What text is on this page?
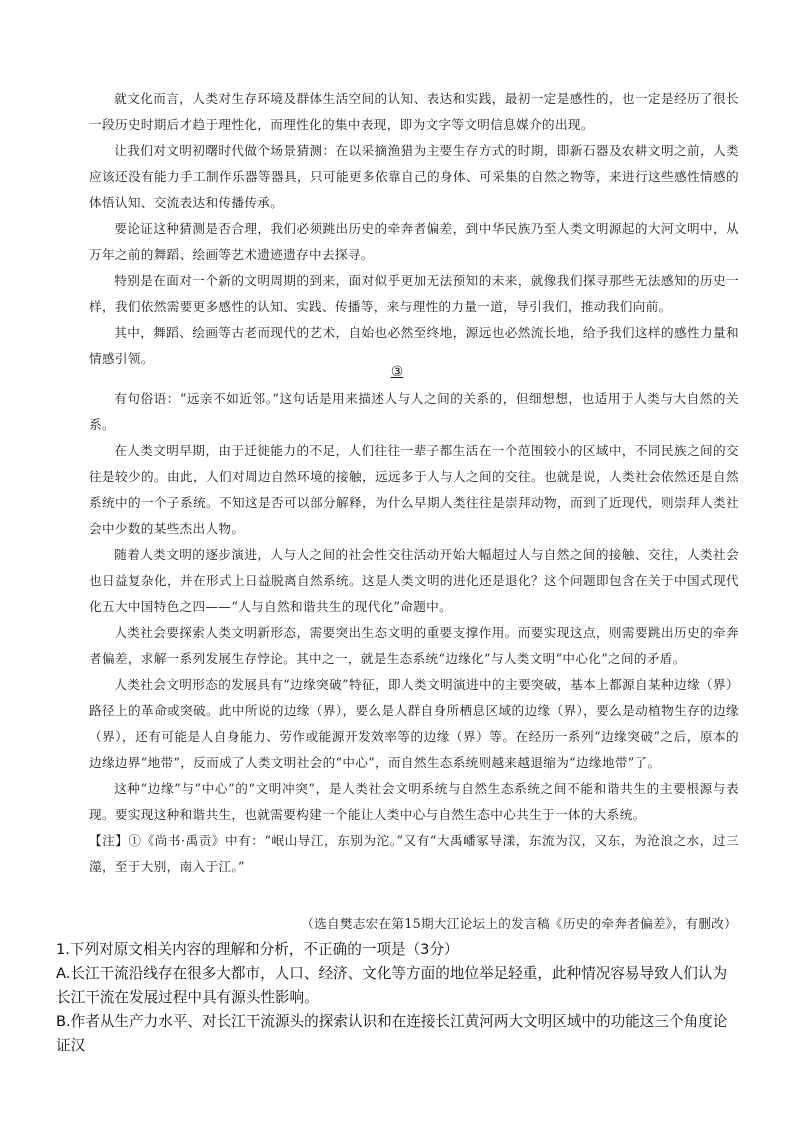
就文化而言，人类对生存环境及群体生活空间的认知、表达和实践，最初一定是感性的，也一定是经历了很长一段历史时期后才趋于理性化，而理性化的集中表现，即为文字等文明信息媒介的出现。

让我们对文明初曙时代做个场景猜测：在以采摘渔猎为主要生存方式的时期，即新石器及农耕文明之前，人类应该还没有能力手工制作乐器等器具，只可能更多依靠自己的身体、可采集的自然之物等，来进行这些感性情感的体悟认知、交流表达和传播传承。

要论证这种猜测是否合理，我们必须跳出历史的牵奔者偏差，到中华民族乃至人类文明源起的大河文明中，从万年之前的舞蹈、绘画等艺术遗迹遗存中去探寻。

特别是在面对一个新的文明周期的到来，面对似乎更加无法预知的未来，就像我们探寻那些无法感知的历史一样，我们依然需要更多感性的认知、实践、传播等，来与理性的力量一道，导引我们，推动我们向前。

其中，舞蹈、绘画等古老而现代的艺术，自始也必然至终地，源远也必然流长地，给予我们这样的感性力量和情感引领。

③

有句俗语：“远亲不如近邻。”这句话是用来描述人与人之间的关系的，但细想想，也适用于人类与大自然的关系。

在人类文明早期，由于迁徙能力的不足，人们往往一辈子都生活在一个范围较小的区域中，不同民族之间的交往是较少的。由此，人们对周边自然环境的接触，远远多于人与人之间的交往。也就是说，人类社会依然还是自然系统中的一个子系统。不知这是否可以部分解释，为什么早期人类往往是崇拜动物，而到了近现代，则崇拜人类社会中少数的某些杰出人物。

随着人类文明的逐步演进，人与人之间的社会性交往活动开始大幅超过人与自然之间的接触、交往，人类社会也日益复杂化，并在形式上日益脱离自然系统。这是人类文明的进化还是退化？这个问题即包含在关于中国式现代化五大中国特色之四——“人与自然和谐共生的现代化”命题中。

人类社会要探索人类文明新形态，需要突出生态文明的重要支撑作用。而要实现这点，则需要跳出历史的牵奔者偏差，求解一系列发展生存悖论。其中之一，就是生态系统“边缘化”与人类文明“中心化”之间的矛盾。

人类社会文明形态的发展具有“边缘突破”特征，即人类文明演进中的主要突破，基本上都源自某种边缘（界）路径上的革命或突破。此中所说的边缘（界），要么是人群自身所栖息区域的边缘（界），要么是动植物生存的边缘（界），还有可能是人自身能力、劳作或能源开发效率等的边缘（界）等。在经历一系列“边缘突破”之后，原本的边缘边界“地带”，反而成了人类文明社会的“中心”，而自然生态系统则越来越退缩为“边缘地带”了。

这种“边缘”与“中心”的“文明冲突”，是人类社会文明系统与自然生态系统之间不能和谐共生的主要根源与表现。要实现这种和谐共生，也就需要构建一个能让人类中心与自然生态中心共生于一体的大系统。

【注】①《尚书·禹贡》中有：“岷山导江，东别为沱。”又有“大禹嶓冢导漾，东流为汉，又东，为沧浪之水，过三澨，至于大别，南入于江。”

（选自樊志宏在第15期大江论坛上的发言稿《历史的牵奔者偏差》，有删改）

1.下列对原文相关内容的理解和分析，不正确的一项是（3分）

A.长江干流沿线存在很多大都市，人口、经济、文化等方面的地位举足轻重，此种情况容易导致人们认为长江干流在发展过程中具有源头性影响。

B.作者从生产力水平、对长江干流源头的探索认识和在连接长江黄河两大文明区域中的功能这三个角度论证汉
